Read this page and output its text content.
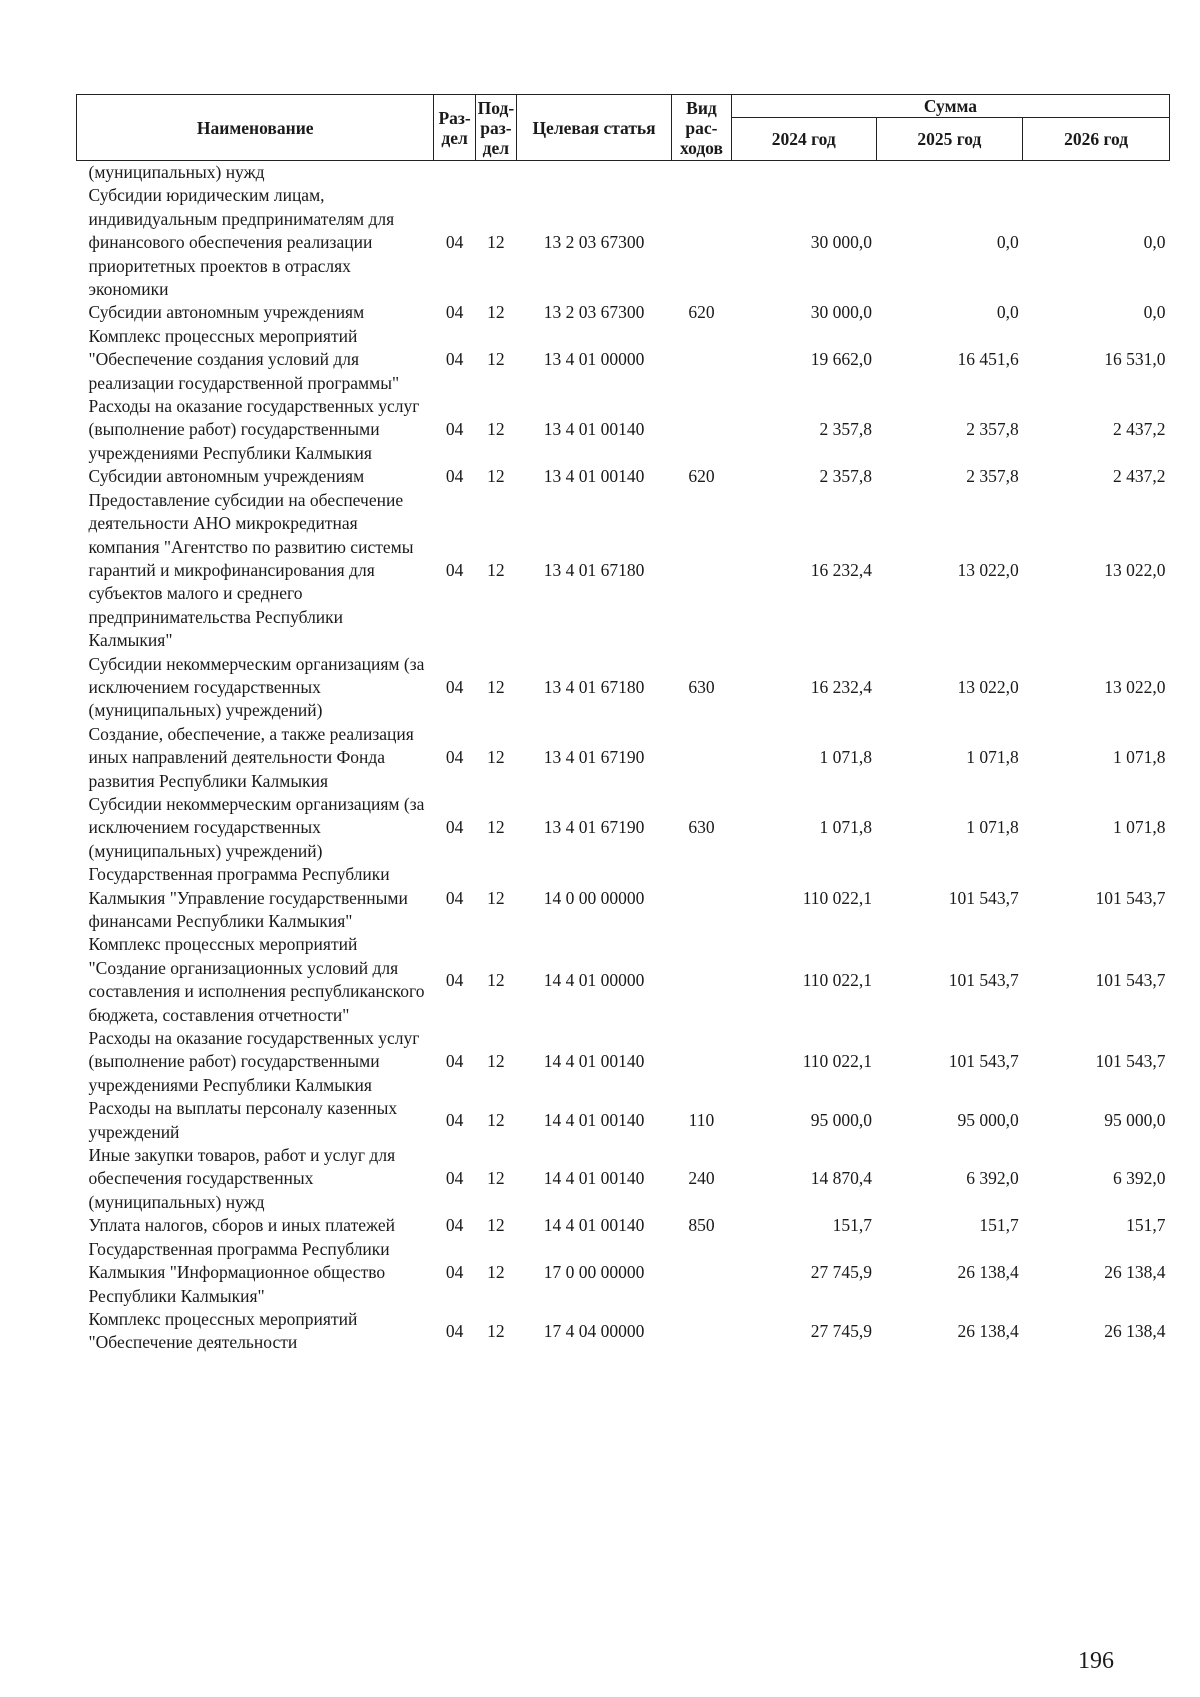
Наименование	Раз-дел	Под-раз-дел	Целевая статья	Вид рас-ходов	Сумма		
					2024 год	2025 год	2026 год
(муниципальных) нужд							
Субсидии юридическим лицам, индивидуальным предпринимателям для финансового обеспечения реализации приоритетных проектов в отраслях экономики	04	12	13 2 03 67300		30 000,0	0,0	0,0
Субсидии автономным учреждениям	04	12	13 2 03 67300	620	30 000,0	0,0	0,0
Комплекс процессных мероприятий "Обеспечение создания условий для реализации государственной программы"	04	12	13 4 01 00000		19 662,0	16 451,6	16 531,0
Расходы на оказание государственных услуг (выполнение работ) государственными учреждениями Республики Калмыкия	04	12	13 4 01 00140		2 357,8	2 357,8	2 437,2
Субсидии автономным учреждениям	04	12	13 4 01 00140	620	2 357,8	2 357,8	2 437,2
Предоставление субсидии на обеспечение деятельности АНО микрокредитная компания "Агентство по развитию системы гарантий и микрофинансирования для субъектов малого и среднего предпринимательства Республики Калмыкия"	04	12	13 4 01 67180		16 232,4	13 022,0	13 022,0
Субсидии некоммерческим организациям (за исключением государственных (муниципальных) учреждений)	04	12	13 4 01 67180	630	16 232,4	13 022,0	13 022,0
Создание, обеспечение, а также реализация иных направлений деятельности Фонда развития Республики Калмыкия	04	12	13 4 01 67190		1 071,8	1 071,8	1 071,8
Субсидии некоммерческим организациям (за исключением государственных (муниципальных) учреждений)	04	12	13 4 01 67190	630	1 071,8	1 071,8	1 071,8
Государственная программа Республики Калмыкия "Управление государственными финансами Республики Калмыкия"	04	12	14 0 00 00000		110 022,1	101 543,7	101 543,7
Комплекс процессных мероприятий "Создание организационных условий для составления и исполнения республиканского бюджета, составления отчетности"	04	12	14 4 01 00000		110 022,1	101 543,7	101 543,7
Расходы на оказание государственных услуг (выполнение работ) государственными учреждениями Республики Калмыкия	04	12	14 4 01 00140		110 022,1	101 543,7	101 543,7
Расходы на выплаты персоналу казенных учреждений	04	12	14 4 01 00140	110	95 000,0	95 000,0	95 000,0
Иные закупки товаров, работ и услуг для обеспечения государственных (муниципальных) нужд	04	12	14 4 01 00140	240	14 870,4	6 392,0	6 392,0
Уплата налогов, сборов и иных платежей	04	12	14 4 01 00140	850	151,7	151,7	151,7
Государственная программа Республики Калмыкия "Информационное общество Республики Калмыкия"	04	12	17 0 00 00000		27 745,9	26 138,4	26 138,4
Комплекс процессных мероприятий "Обеспечение деятельности	04	12	17 4 04 00000		27 745,9	26 138,4	26 138,4
196
